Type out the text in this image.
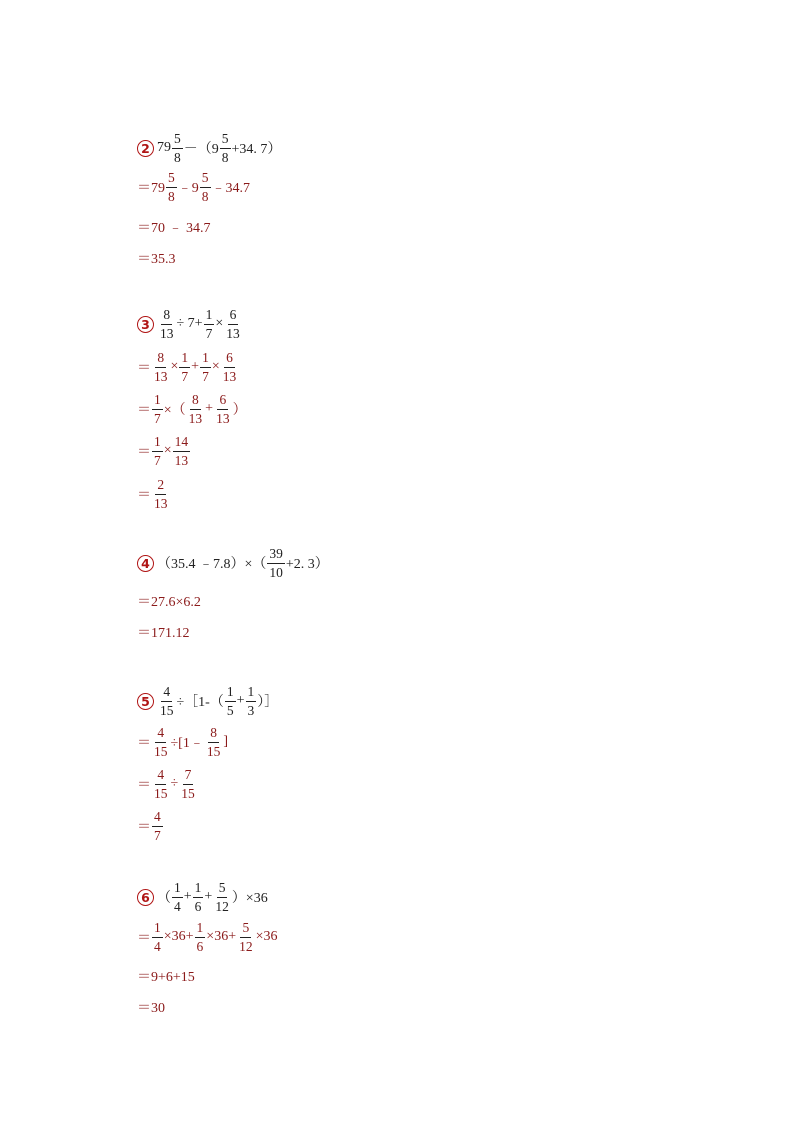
2 $79 \frac{5}{8} -(9 \frac{5}{8} +34$. 7）
$=79 \frac{5}{8}$ ﹣9 $\frac{5}{8}$ ﹣34.7
＝70 ﹣ 34.7
＝35.3
$3 \frac{8}{13} \div 7+ \frac{1}{7} \times \frac{6}{13}$
＝ $\frac{8}{13} \times \frac{1}{7} + \frac{1}{7} \times \frac{6}{13}$
＝ $\frac{1}{7}$ ×（ $\frac{8}{13} + \frac{6}{13}$ ）
＝ $\frac{1}{7} \times \frac{14}{13}$
＝ $\frac{2}{13}$
4 （35.4 ﹣7.8）×（ $\frac{39}{10} +2$. 3）
＝27.6×6.2
＝171.12
$5 \frac{4}{15}$ ÷［1-（ $\frac{1}{5} + \frac{1}{3}$ ）］
＝ $\frac{4}{15}$ ÷[1﹣ $\frac{8}{15}$ ]
＝ $\frac{4}{15} \div \frac{7}{15}$
＝ $\frac{4}{7}$
6 （ $\frac{1}{4} + \frac{1}{6} + \frac{5}{12} )\times 36$
＝ $\frac{1}{4} \times 36+ \frac{1}{6} \times 36+ \frac{5}{12} \times 36$
＝9+6+15
＝30
